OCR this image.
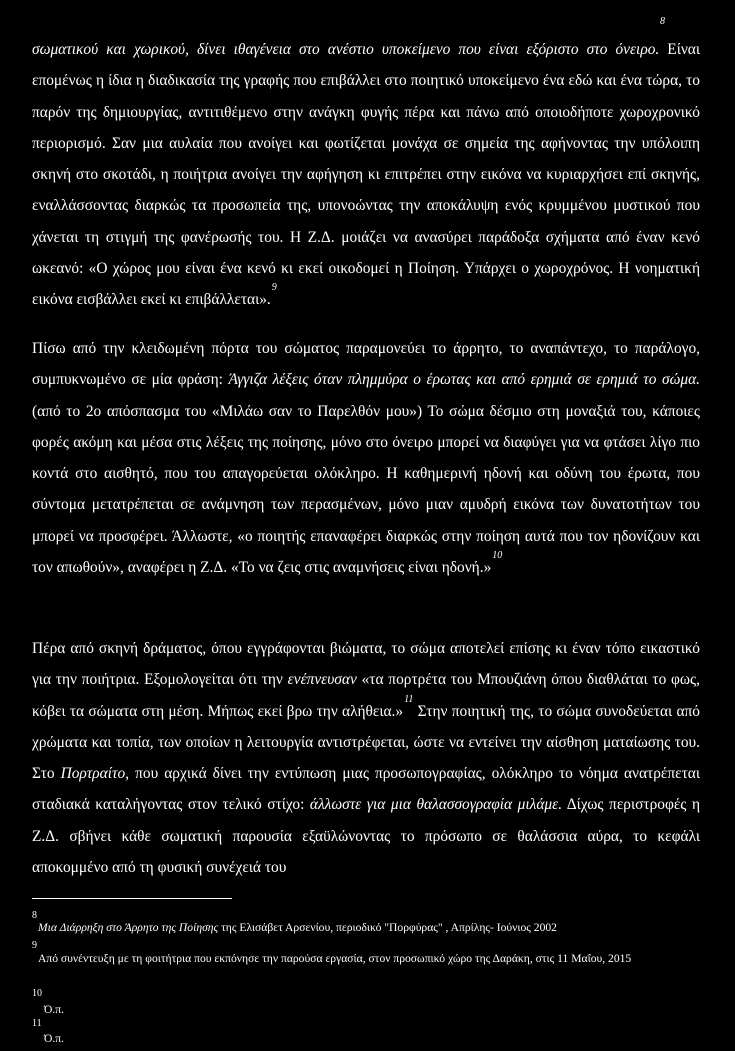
8

σωματικού και χωρικού, δίνει ιθαγένεια στο ανέστιο υποκείμενο που είναι εξόριστο στο όνειρο. Είναι επομένως η ίδια η διαδικασία της γραφής που επιβάλλει στο ποιητικό υποκείμενο ένα εδώ και ένα τώρα, το παρόν της δημιουργίας, αντιτιθέμενο στην ανάγκη φυγής πέρα και πάνω από οποιοδήποτε χωροχρονικό περιορισμό. Σαν μια αυλαία που ανοίγει και φωτίζεται μονάχα σε σημεία της αφήνοντας την υπόλοιπη σκηνή στο σκοτάδι, η ποιήτρια ανοίγει την αφήγηση κι επιτρέπει στην εικόνα να κυριαρχήσει επί σκηνής, εναλλάσσοντας διαρκώς τα προσωπεία της, υπονοώντας την αποκάλυψη ενός κρυμμένου μυστικού που χάνεται τη στιγμή της φανέρωσής του. Η Ζ.Δ. μοιάζει να ανασύρει παράδοξα σχήματα από έναν κενό ωκεανό: «Ο χώρος μου είναι ένα κενό κι εκεί οικοδομεί η Ποίηση. Υπάρχει ο χωροχρόνος. Η νοηματική εικόνα εισβάλλει εκεί κι επιβάλλεται».$^9$

Πίσω από την κλειδωμένη πόρτα του σώματος παραμονεύει το άρρητο, το αναπάντεχο, το παράλογο, συμπυκνωμένο σε μία φράση: Άγγιζα λέξεις όταν πλημμύρα ο έρωτας και από ερημιά σε ερημιά το σώμα. (από το 2ο απόσπασμα του «Μιλάω σαν το Παρελθόν μου») Το σώμα δέσμιο στη μοναξιά του, κάποιες φορές ακόμη και μέσα στις λέξεις της ποίησης, μόνο στο όνειρο μπορεί να διαφύγει για να φτάσει λίγο πιο κοντά στο αισθητό, που του απαγορεύεται ολόκληρο. Η καθημερινή ηδονή και οδύνη του έρωτα, που σύντομα μετατρέπεται σε ανάμνηση των περασμένων, μόνο μιαν αμυδρή εικόνα των δυνατοτήτων του μπορεί να προσφέρει. Άλλωστε, «ο ποιητής επαναφέρει διαρκώς στην ποίηση αυτά που τον ηδονίζουν και τον απωθούν», αναφέρει η Ζ.Δ. «Το να ζεις στις αναμνήσεις είναι ηδονή.»$^{10}$

Πέρα από σκηνή δράματος, όπου εγγράφονται βιώματα, το σώμα αποτελεί επίσης κι έναν τόπο εικαστικό για την ποιήτρια. Εξομολογείται ότι την ενέπνευσαν «τα πορτρέτα του Μπουζιάνη όπου διαθλάται το φως, κόβει τα σώματα στη μέση. Μήπως εκεί βρω την αλήθεια.»$^{11}$ Στην ποιητική της, το σώμα συνοδεύεται από χρώματα και τοπία, των οποίων η λειτουργία αντιστρέφεται, ώστε να εντείνει την αίσθηση ματαίωσης του. Στο Πορτραίτο, που αρχικά δίνει την εντύπωση μιας προσωπογραφίας, ολόκληρο το νόημα ανατρέπεται σταδιακά καταλήγοντας στον τελικό στίχο: άλλωστε για μια θαλασσογραφία μιλάμε. Δίχως περιστροφές η Ζ.Δ. σβήνει κάθε σωματική παρουσία εξαϋλώνοντας το πρόσωπο σε θαλάσσια αύρα, το κεφάλι αποκομμένο από τη φυσική συνέχειά του

8
Μια Διάρρηξη στο Άρρητο της Ποίησης της Ελισάβετ Αρσενίου, περιοδικό "Πορφύρας" , Απρίλης- Ιούνιος 2002
9
Από συνέντευξη με τη φοιτήτρια που εκπόνησε την παρούσα εργασία, στον προσωπικό χώρο της Δαράκη, στις 11 Μαΐου, 2015
10
Ό.π.
11
Ό.π.
